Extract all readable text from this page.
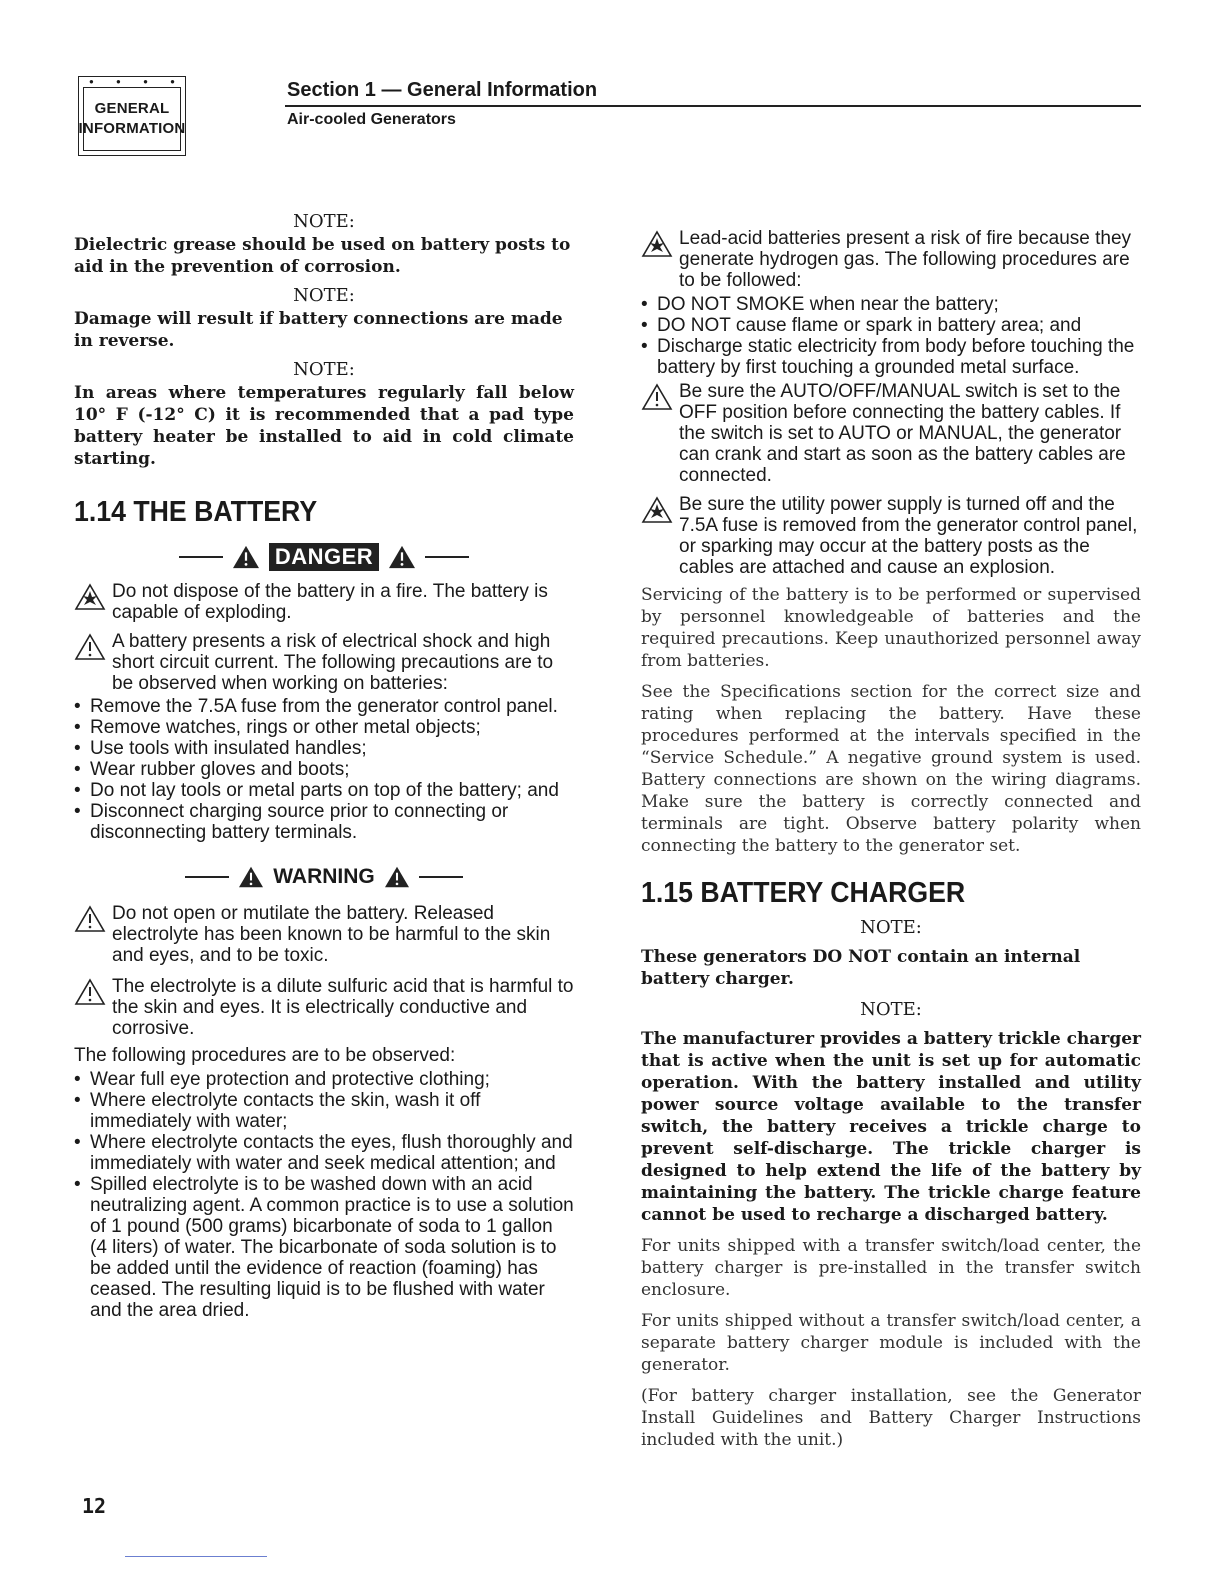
●	●	●	●
GENERAL
INFORMATION
Section 1 — General Information
Air-cooled Generators

NOTE:

Dielectric grease should be used on battery posts to aid in the prevention of corrosion.

NOTE:

Damage will result if battery connections are made in reverse.

NOTE:

In areas where temperatures regularly fall below 10° F (-12° C) it is recommended that a pad type battery heater be installed to aid in cold climate starting.

1.14 THE BATTERY
DANGER
Do not dispose of the battery in a fire. The battery is capable of exploding.
A battery presents a risk of electrical shock and high short circuit current. The following precautions are to be observed when working on batteries:
• Remove the 7.5A fuse from the generator control panel.
• Remove watches, rings or other metal objects;
• Use tools with insulated handles;
• Wear rubber gloves and boots;
• Do not lay tools or metal parts on top of the battery; and
• Disconnect charging source prior to connecting or disconnecting battery terminals.
WARNING
Do not open or mutilate the battery. Released electrolyte has been known to be harmful to the skin and eyes, and to be toxic.
The electrolyte is a dilute sulfuric acid that is harmful to the skin and eyes. It is electrically conductive and corrosive.

The following procedures are to be observed:

• Wear full eye protection and protective clothing;
• Where electrolyte contacts the skin, wash it off immediately with water;
• Where electrolyte contacts the eyes, flush thoroughly and immediately with water and seek medical attention; and
• Spilled electrolyte is to be washed down with an acid neutralizing agent. A common practice is to use a solution of 1 pound (500 grams) bicarbonate of soda to 1 gallon (4 liters) of water. The bicarbonate of soda solution is to be added until the evidence of reaction (foaming) has ceased. The resulting liquid is to be flushed with water and the area dried.
12
Lead-acid batteries present a risk of fire because they generate hydrogen gas. The following procedures are to be followed:
• DO NOT SMOKE when near the battery;
• DO NOT cause flame or spark in battery area; and
• Discharge static electricity from body before touching the battery by first touching a grounded metal surface.
Be sure the AUTO/OFF/MANUAL switch is set to the OFF position before connecting the battery cables. If the switch is set to AUTO or MANUAL, the generator can crank and start as soon as the battery cables are connected.
Be sure the utility power supply is turned off and the 7.5A fuse is removed from the generator control panel, or sparking may occur at the battery posts as the cables are attached and cause an explosion.

Servicing of the battery is to be performed or supervised by personnel knowledgeable of batteries and the required precautions. Keep unauthorized personnel away from batteries.

See the Specifications section for the correct size and rating when replacing the battery. Have these procedures performed at the intervals specified in the “Service Schedule.” A negative ground system is used. Battery connections are shown on the wiring diagrams. Make sure the battery is correctly connected and terminals are tight. Observe battery polarity when connecting the battery to the generator set.

1.15 BATTERY CHARGER

NOTE:

These generators DO NOT contain an internal battery charger.

NOTE:

The manufacturer provides a battery trickle charger that is active when the unit is set up for automatic operation. With the battery installed and utility power source voltage available to the transfer switch, the battery receives a trickle charge to prevent self-discharge. The trickle charger is designed to help extend the life of the battery by maintaining the battery. The trickle charge feature cannot be used to recharge a discharged battery.

For units shipped with a transfer switch/load center, the battery charger is pre-installed in the transfer switch enclosure.

For units shipped without a transfer switch/load center, a separate battery charger module is included with the generator.

(For battery charger installation, see the Generator Install Guidelines and Battery Charger Instructions included with the unit.)
